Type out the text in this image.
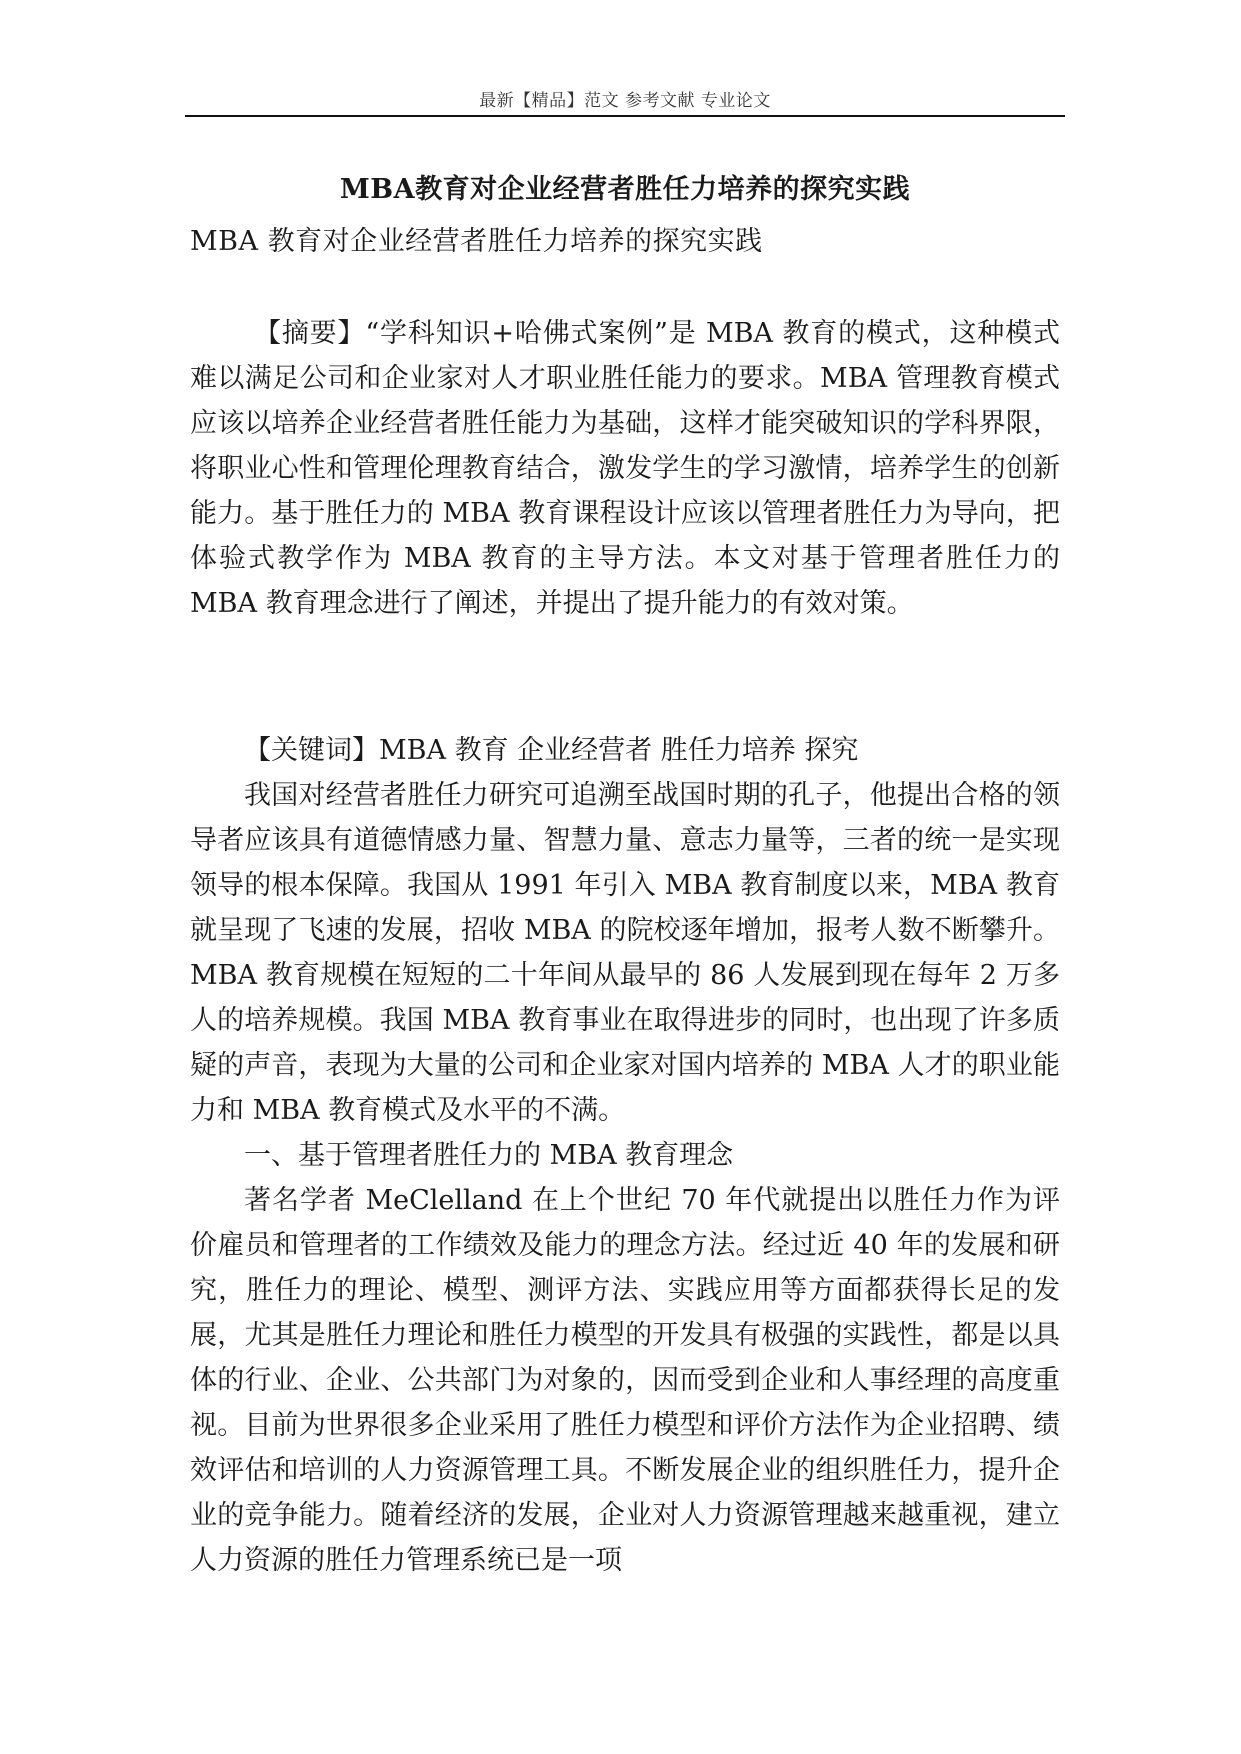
最新【精品】范文 参考文献 专业论文
MBA教育对企业经营者胜任力培养的探究实践
MBA 教育对企业经营者胜任力培养的探究实践
【摘要】“学科知识+哈佛式案例”是 MBA 教育的模式，这种模式难以满足公司和企业家对人才职业胜任能力的要求。MBA 管理教育模式应该以培养企业经营者胜任能力为基础，这样才能突破知识的学科界限，将职业心性和管理伦理教育结合，激发学生的学习激情，培养学生的创新能力。基于胜任力的 MBA 教育课程设计应该以管理者胜任力为导向，把体验式教学作为 MBA 教育的主导方法。本文对基于管理者胜任力的 MBA 教育理念进行了阐述，并提出了提升能力的有效对策。
【关键词】MBA 教育 企业经营者 胜任力培养 探究

我国对经营者胜任力研究可追溯至战国时期的孔子，他提出合格的领导者应该具有道德情感力量、智慧力量、意志力量等，三者的统一是实现领导的根本保障。我国从 1991 年引入 MBA 教育制度以来，MBA 教育就呈现了飞速的发展，招收 MBA 的院校逐年增加，报考人数不断攀升。MBA 教育规模在短短的二十年间从最早的 86 人发展到现在每年 2 万多人的培养规模。我国 MBA 教育事业在取得进步的同时，也出现了许多质疑的声音，表现为大量的公司和企业家对国内培养的 MBA 人才的职业能力和 MBA 教育模式及水平的不满。

一、基于管理者胜任力的 MBA 教育理念

著名学者 MeClelland 在上个世纪 70 年代就提出以胜任力作为评价雇员和管理者的工作绩效及能力的理念方法。经过近 40 年的发展和研究，胜任力的理论、模型、测评方法、实践应用等方面都获得长足的发展，尤其是胜任力理论和胜任力模型的开发具有极强的实践性，都是以具体的行业、企业、公共部门为对象的，因而受到企业和人事经理的高度重视。目前为世界很多企业采用了胜任力模型和评价方法作为企业招聘、绩效评估和培训的人力资源管理工具。不断发展企业的组织胜任力，提升企业的竞争能力。随着经济的发展，企业对人力资源管理越来越重视，建立人力资源的胜任力管理系统已是一项
